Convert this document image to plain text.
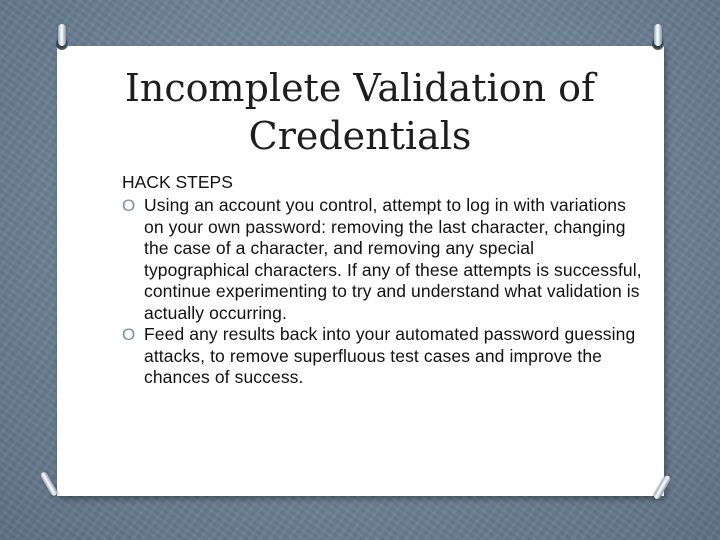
Incomplete Validation of
Credentials

HACK STEPS

O Using an account you control, attempt to log in with variations on your own password: removing the last character, changing the case of a character, and removing any special typographical characters. If any of these attempts is successful, continue experimenting to try and understand what validation is actually occurring.
O Feed any results back into your automated password guessing attacks, to remove superfluous test cases and improve the chances of success.
